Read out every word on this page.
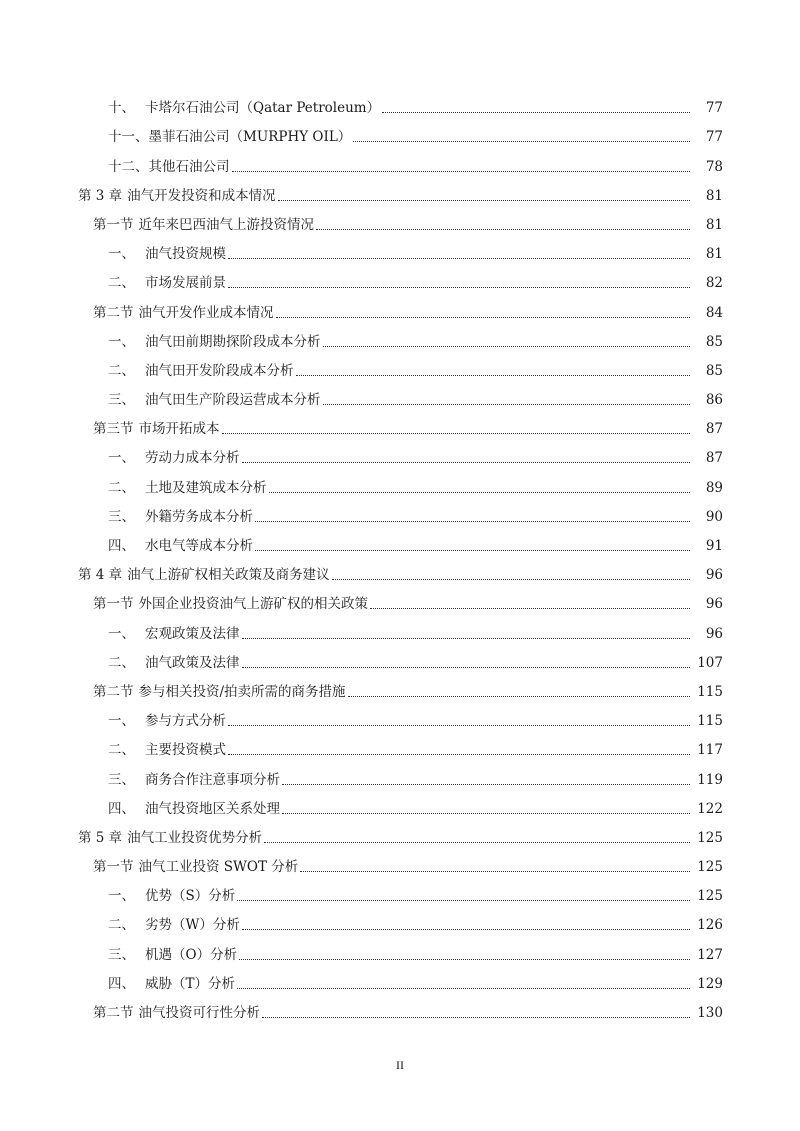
十、 卡塔尔石油公司（Qatar Petroleum）	77
十一、 墨菲石油公司（MURPHY OIL）	77
十二、 其他石油公司	78
第 3 章 油气开发投资和成本情况	81
第一节 近年来巴西油气上游投资情况	81
一、 油气投资规模	81
二、 市场发展前景	82
第二节 油气开发作业成本情况	84
一、 油气田前期勘探阶段成本分析	85
二、 油气田开发阶段成本分析	85
三、 油气田生产阶段运营成本分析	86
第三节 市场开拓成本	87
一、 劳动力成本分析	87
二、 土地及建筑成本分析	89
三、 外籍劳务成本分析	90
四、 水电气等成本分析	91
第 4 章 油气上游矿权相关政策及商务建议	96
第一节 外国企业投资油气上游矿权的相关政策	96
一、 宏观政策及法律	96
二、 油气政策及法律	107
第二节 参与相关投资/拍卖所需的商务措施	115
一、 参与方式分析	115
二、 主要投资模式	117
三、 商务合作注意事项分析	119
四、 油气投资地区关系处理	122
第 5 章 油气工业投资优势分析	125
第一节 油气工业投资 SWOT 分析	125
一、 优势（S）分析	125
二、 劣势（W）分析	126
三、 机遇（O）分析	127
四、 威胁（T）分析	129
第二节 油气投资可行性分析	130
II
